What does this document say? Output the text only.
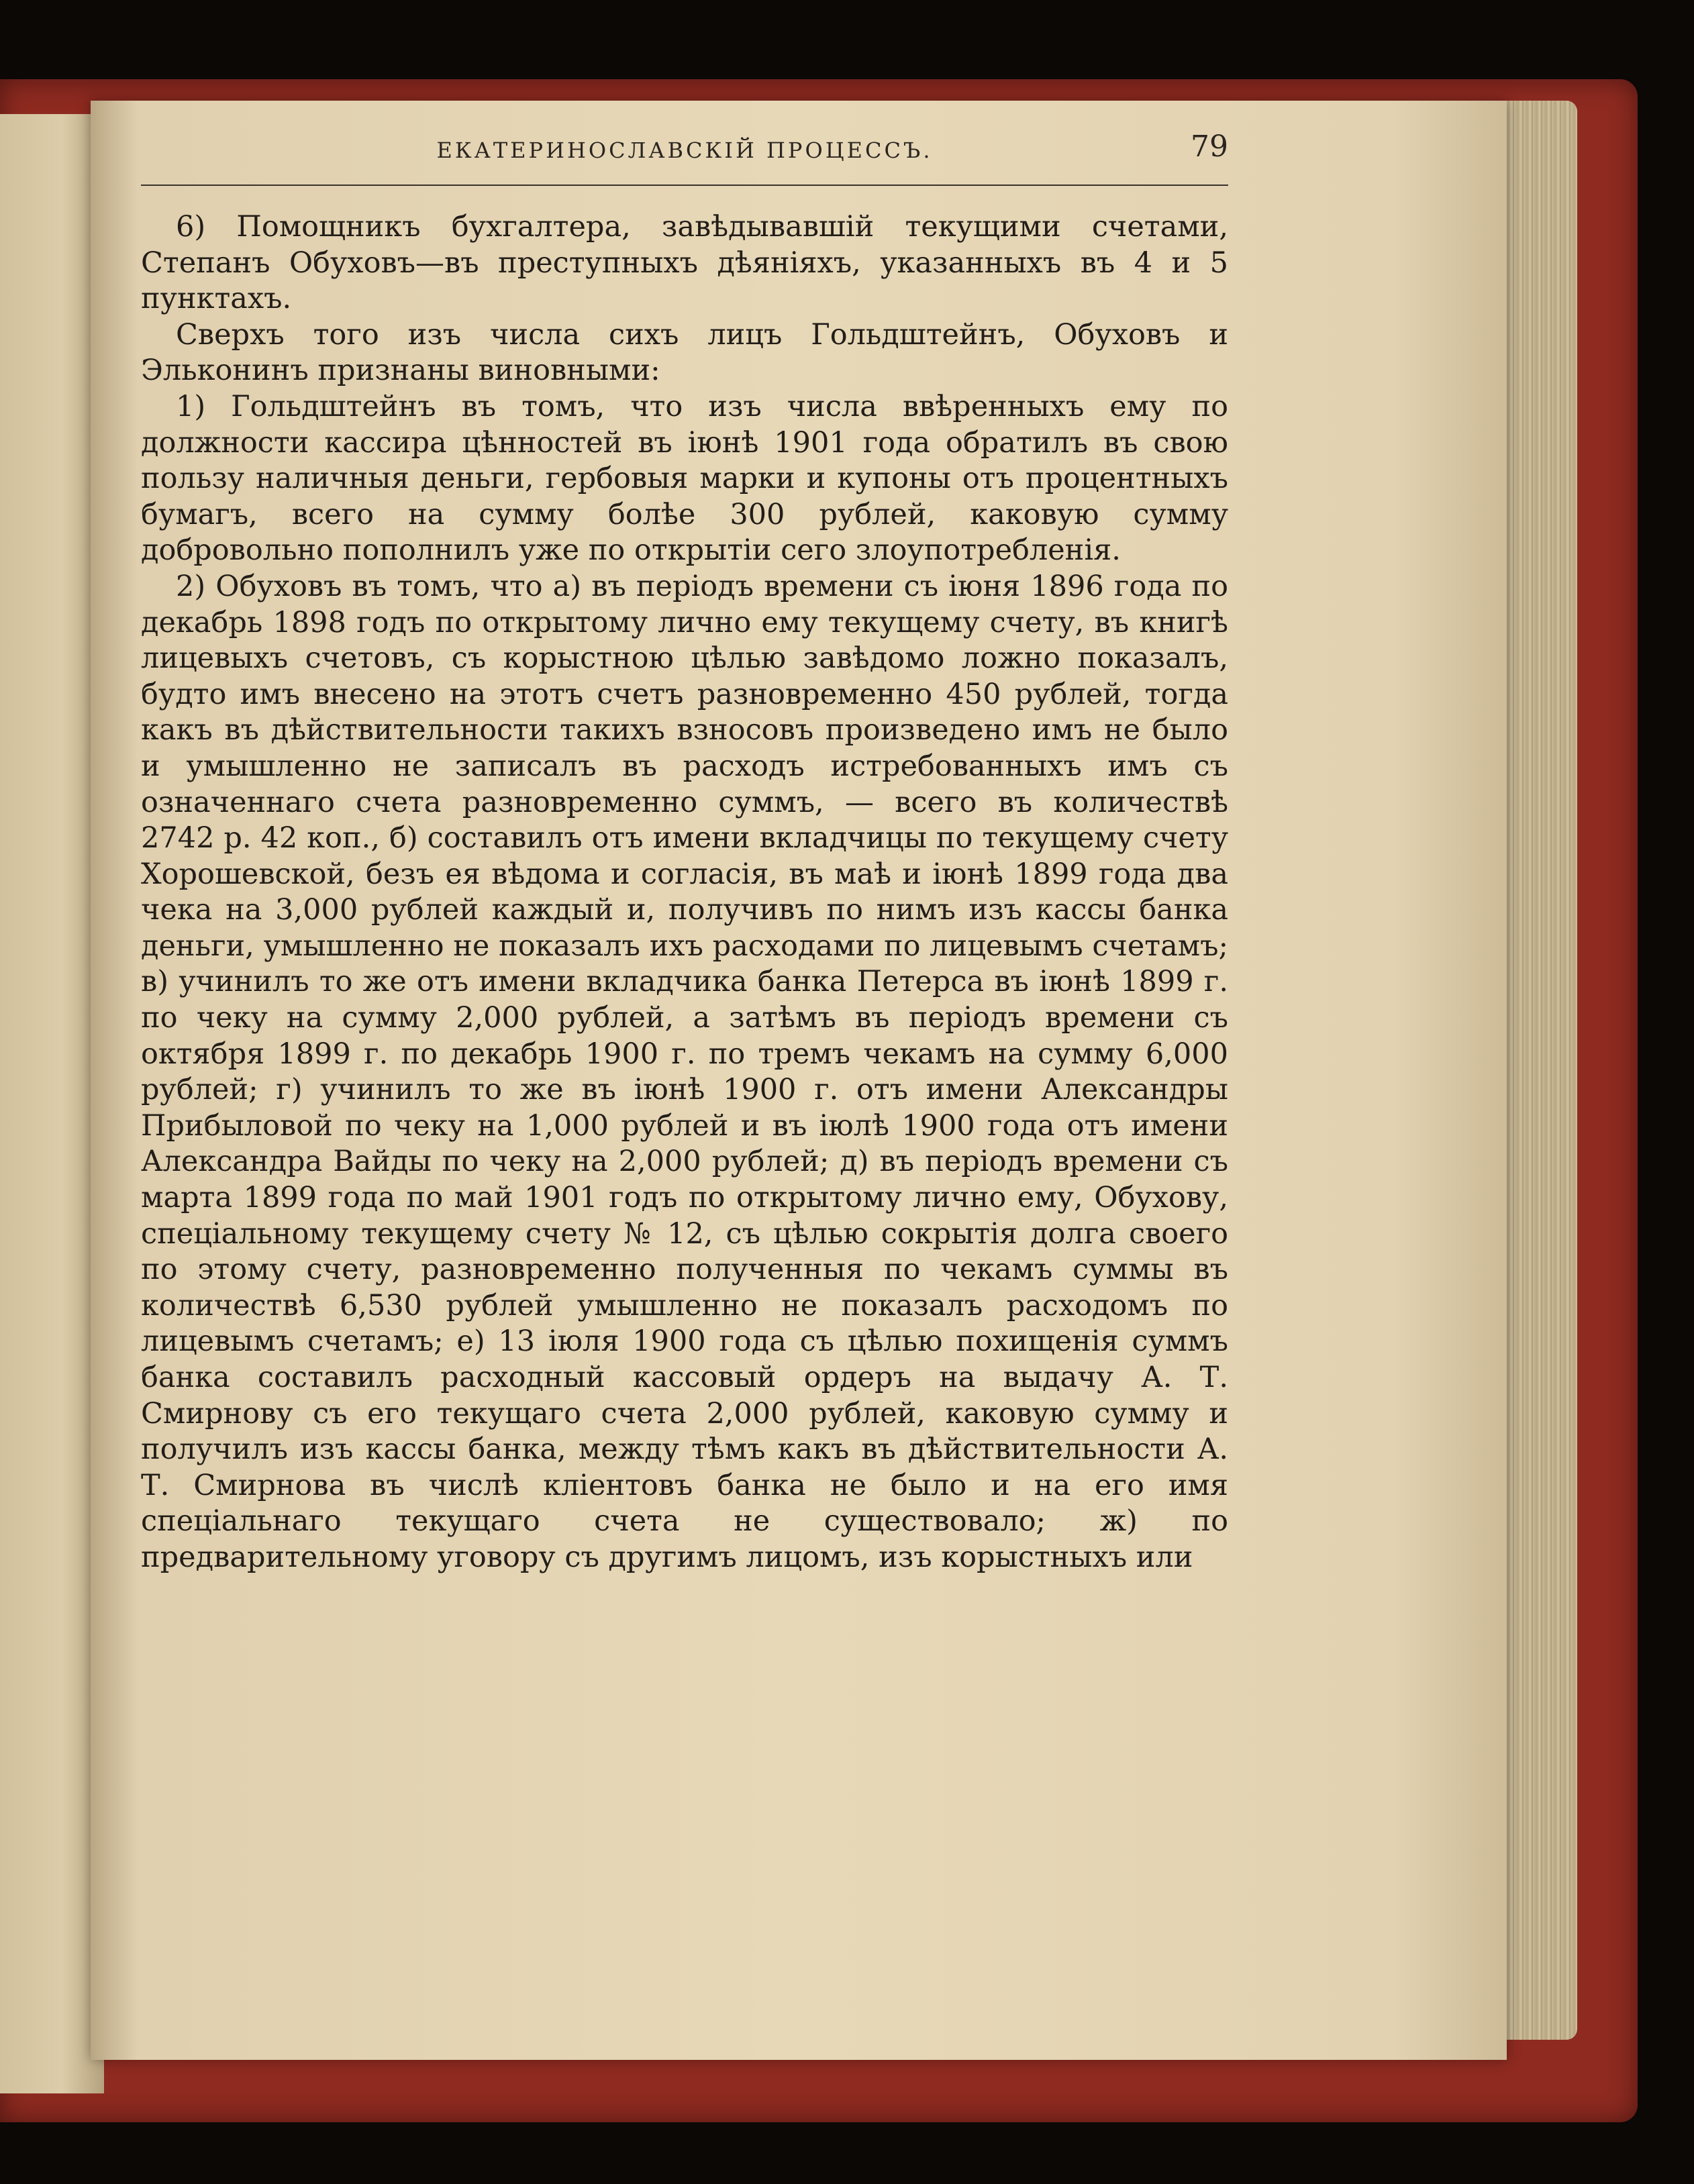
ЕКАТЕРИНОСЛАВСКІЙ ПРОЦЕССЪ.	79

6) Помощникъ бухгалтера, завѣдывавшій текущими счетами, Степанъ Обуховъ—въ преступныхъ дѣяніяхъ, указанныхъ въ 4 и 5 пунктахъ.

Сверхъ того изъ числа сихъ лицъ Гольдштейнъ, Обуховъ и Эльконинъ признаны виновными:

1) Гольдштейнъ въ томъ, что изъ числа ввѣренныхъ ему по должности кассира цѣнностей въ іюнѣ 1901 года обратилъ въ свою пользу наличныя деньги, гербовыя марки и купоны отъ процентныхъ бумагъ, всего на сумму болѣе 300 рублей, каковую сумму добровольно пополнилъ уже по открытіи сего злоупотребленія.

2) Обуховъ въ томъ, что а) въ періодъ времени съ іюня 1896 года по декабрь 1898 годъ по открытому лично ему текущему счету, въ книгѣ лицевыхъ счетовъ, съ корыстною цѣлью завѣдомо ложно показалъ, будто имъ внесено на этотъ счетъ разновременно 450 рублей, тогда какъ въ дѣйствительности такихъ взносовъ произведено имъ не было и умышленно не записалъ въ расходъ истребованныхъ имъ съ означеннаго счета разновременно суммъ, — всего въ количествѣ 2742 р. 42 коп., б) составилъ отъ имени вкладчицы по текущему счету Хорошевской, безъ ея вѣдома и согласія, въ маѣ и іюнѣ 1899 года два чека на 3,000 рублей каждый и, получивъ по нимъ изъ кассы банка деньги, умышленно не показалъ ихъ расходами по лицевымъ счетамъ; в) учинилъ то же отъ имени вкладчика банка Петерса въ іюнѣ 1899 г. по чеку на сумму 2,000 рублей, а затѣмъ въ періодъ времени съ октября 1899 г. по декабрь 1900 г. по тремъ чекамъ на сумму 6,000 рублей; г) учинилъ то же въ іюнѣ 1900 г. отъ имени Александры Прибыловой по чеку на 1,000 рублей и въ іюлѣ 1900 года отъ имени Александра Вайды по чеку на 2,000 рублей; д) въ періодъ времени съ марта 1899 года по май 1901 годъ по открытому лично ему, Обухову, спеціальному текущему счету № 12, съ цѣлью сокрытія долга своего по этому счету, разновременно полученныя по чекамъ суммы въ количествѣ 6,530 рублей умышленно не показалъ расходомъ по лицевымъ счетамъ; е) 13 іюля 1900 года съ цѣлью похищенія суммъ банка составилъ расходный кассовый ордеръ на выдачу А. Т. Смирнову съ его текущаго счета 2,000 рублей, каковую сумму и получилъ изъ кассы банка, между тѣмъ какъ въ дѣйствительности А. Т. Смирнова въ числѣ кліентовъ банка не было и на его имя спеціальнаго текущаго счета не существовало; ж) по предварительному уговору съ другимъ лицомъ, изъ корыстныхъ или
